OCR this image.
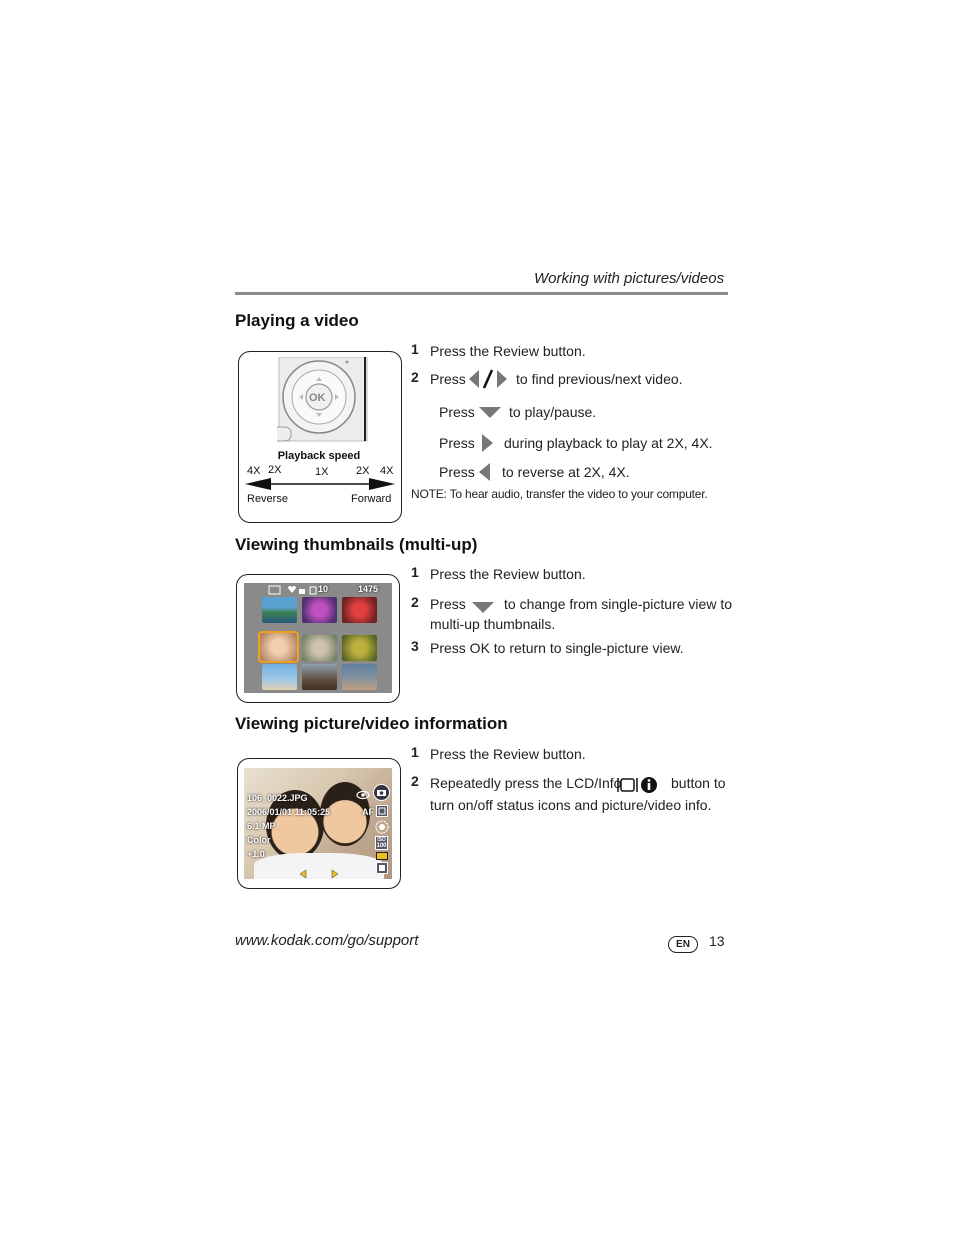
Working with pictures/videos
Playing a video
OK
Playback speed
4X 2X	1X	2X 4X
Reverse	Forward
1 Press the Review button.
2 Press	to find previous/next video.
Press to play/pause.
Press during playback to play at 2X, 4X.
Press to reverse at 2X, 4X.
NOTE: To hear audio, transfer the video to your computer.
Viewing thumbnails (multi-up)
10	1475
1 Press the Review button.
2 Press	to change from single-picture view to
multi-up thumbnails.
3 Press OK to return to single-picture view.
Viewing picture/video information
106_0022.JPG
2006/01/01 11:05:25
6.1 MP
Color
+1.0
AF
ISO
100
1 Press the Review button.
2 Repeatedly press the LCD/Info	button to
turn on/off status icons and picture/video info.
www.kodak.com/go/support	EN	13
